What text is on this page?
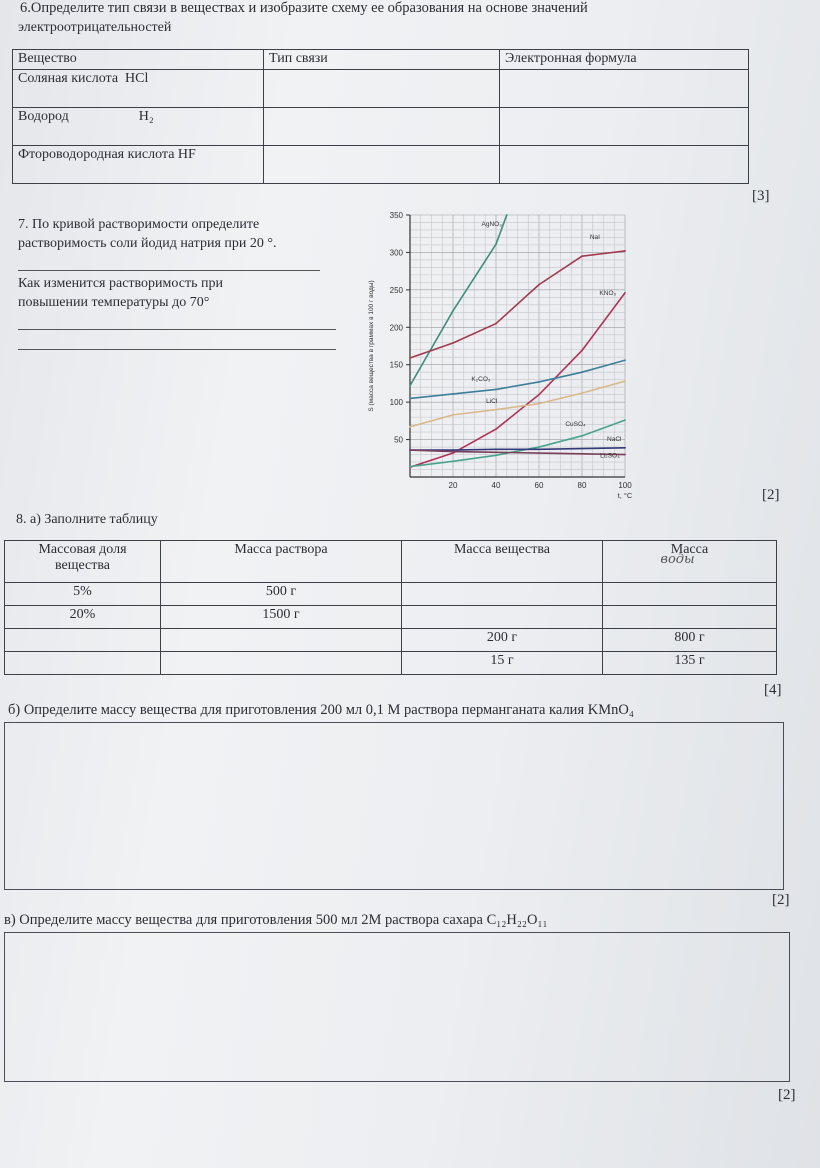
6.Определите тип связи в веществах и изобразите схему ее образования на основе значений
электроотрицательностей
Вещество	Тип связи	Электронная формула
Соляная кислота HCl		
Водород H₂		
Фтороводородная кислота HF		
[3]
7. По кривой растворимости определите
растворимость соли йодид натрия при 20 °.
Как изменится растворимость при
повышении температуры до 70°
50
100
150
200
250
300
350
20	40	60	80	100
t, °C
S (масса вещества в граммах в 100 г воды)
AgNO₃
NaI
KNO₃
K₂CO₃
LiCl
CuSO₄
NaCl
Li₂SO₄
[2]
8. а) Заполните таблицу
Массовая доля вещества	Масса раствора	Масса вещества	Масса
воды
5%	500 г		
20%	1500 г		
		200 г	800 г
		15 г	135 г
[4]
б) Определите массу вещества для приготовления 200 мл 0,1 М раствора перманганата калия KMnO₄
[2]
в) Определите массу вещества для приготовления 500 мл 2М раствора сахара C₁₂H₂₂O₁₁
[2]
